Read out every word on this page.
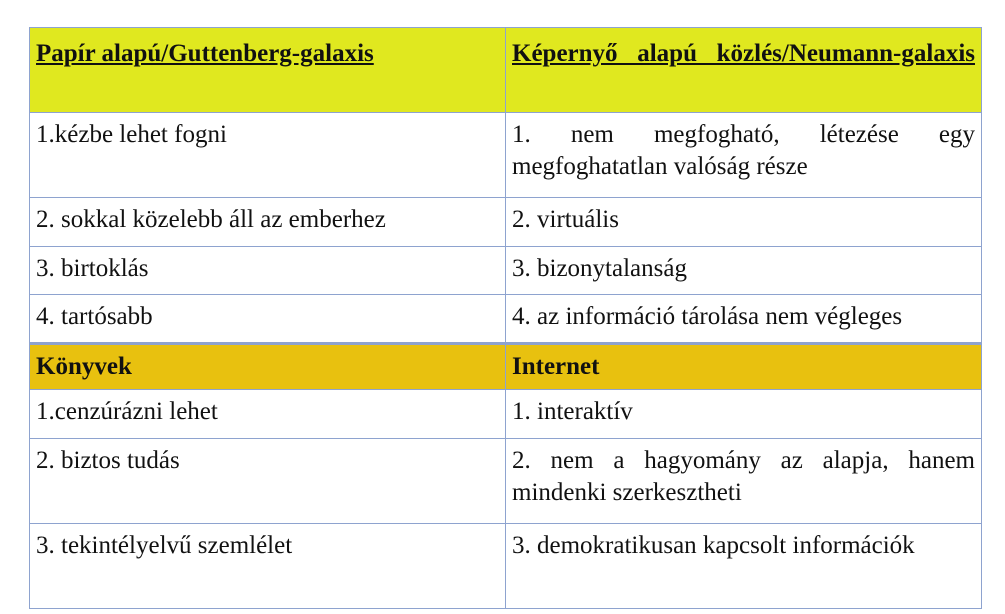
Papír alapú/Guttenberg-galaxis	Képernyő alapú közlés/Neumann-galaxis
1.kézbe lehet fogni	1. nem megfogható, létezése egy megfoghatatlan valóság része
2. sokkal közelebb áll az emberhez	2. virtuális
3. birtoklás	3. bizonytalanság
4. tartósabb	4. az információ tárolása nem végleges
Könyvek	Internet
1.cenzúrázni lehet	1. interaktív
2. biztos tudás	2. nem a hagyomány az alapja, hanem mindenki szerkesztheti
3. tekintélyelvű szemlélet	3. demokratikusan kapcsolt információk
